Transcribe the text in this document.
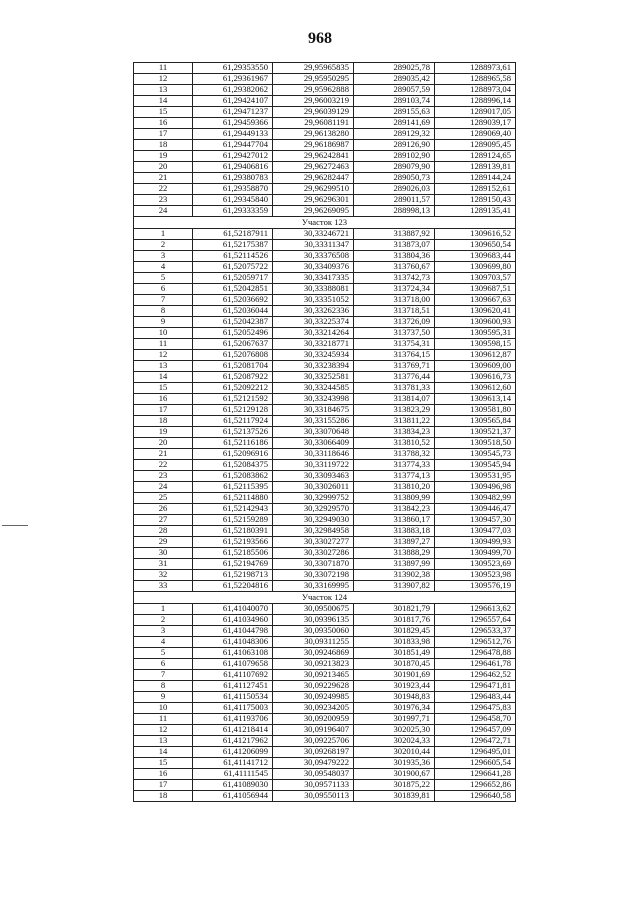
968
11	61,29353550	29,95965835	289025,78	1288973,61
12	61,29361967	29,95950295	289035,42	1288965,58
13	61,29382062	29,95962888	289057,59	1288973,04
14	61,29424107	29,96003219	289103,74	1288996,14
15	61,29471237	29,96039129	289155,63	1289017,05
16	61,29459366	29,96081191	289141,69	1289039,17
17	61,29449133	29,96138280	289129,32	1289069,40
18	61,29447704	29,96186987	289126,90	1289095,45
19	61,29427012	29,96242841	289102,90	1289124,65
20	61,29406816	29,96272463	289079,90	1289139,81
21	61,29380783	29,96282447	289050,73	1289144,24
22	61,29358870	29,96299510	289026,03	1289152,61
23	61,29345840	29,96296301	289011,57	1289150,43
24	61,29333359	29,96269095	288998,13	1289135,41
Участок 123				
1	61,52187911	30,33246721	313887,92	1309616,52
2	61,52175387	30,33311347	313873,07	1309650,54
3	61,52114526	30,33376508	313804,36	1309683,44
4	61,52075722	30,33409376	313760,67	1309699,80
5	61,52059717	30,33417335	313742,73	1309703,57
6	61,52042851	30,33388081	313724,34	1309687,51
7	61,52036692	30,33351052	313718,00	1309667,63
8	61,52036044	30,33262336	313718,51	1309620,41
9	61,52042387	30,33225374	313726,09	1309600,93
10	61,52052496	30,33214264	313737,50	1309595,31
11	61,52067637	30,33218771	313754,31	1309598,15
12	61,52076808	30,33245934	313764,15	1309612,87
13	61,52081704	30,33238394	313769,71	1309609,00
14	61,52087922	30,33252581	313776,44	1309616,73
15	61,52092212	30,33244585	313781,33	1309612,60
16	61,52121592	30,33243998	313814,07	1309613,14
17	61,52129128	30,33184675	313823,29	1309581,80
18	61,52117924	30,33155286	313811,22	1309565,84
19	61,52137526	30,33070648	313834,23	1309521,37
20	61,52116186	30,33066409	313810,52	1309518,50
21	61,52096916	30,33118646	313788,32	1309545,73
22	61,52084375	30,33119722	313774,33	1309545,94
23	61,52083862	30,33093463	313774,13	1309531,95
24	61,52115395	30,33026011	313810,20	1309496,98
25	61,52114880	30,32999752	313809,99	1309482,99
26	61,52142943	30,32929570	313842,23	1309446,47
27	61,52159289	30,32949030	313860,17	1309457,30
28	61,52180391	30,32984958	313883,18	1309477,03
29	61,52193566	30,33027277	313897,27	1309499,93
30	61,52185506	30,33027286	313888,29	1309499,70
31	61,52194769	30,33071870	313897,99	1309523,69
32	61,52198713	30,33072198	313902,38	1309523,98
33	61,52204816	30,33169995	313907,82	1309576,19
Участок 124				
1	61,41040070	30,09500675	301821,79	1296613,62
2	61,41034960	30,09396135	301817,76	1296557,64
3	61,41044798	30,09350060	301829,45	1296533,37
4	61,41048306	30,09311255	301833,98	1296512,76
5	61,41063108	30,09246869	301851,49	1296478,88
6	61,41079658	30,09213823	301870,45	1296461,78
7	61,41107692	30,09213465	301901,69	1296462,52
8	61,41127451	30,09229628	301923,44	1296471,81
9	61,41150534	30,09249985	301948,83	1296483,44
10	61,41175003	30,09234205	301976,34	1296475,83
11	61,41193706	30,09200959	301997,71	1296458,70
12	61,41218414	30,09196407	302025,30	1296457,09
13	61,41217962	30,09225706	302024,33	1296472,71
14	61,41206099	30,09268197	302010,44	1296495,01
15	61,41141712	30,09479222	301935,36	1296605,54
16	61,41111545	30,09548037	301900,67	1296641,28
17	61,41089030	30,09571133	301875,22	1296652,86
18	61,41056944	30,09550113	301839,81	1296640,58
